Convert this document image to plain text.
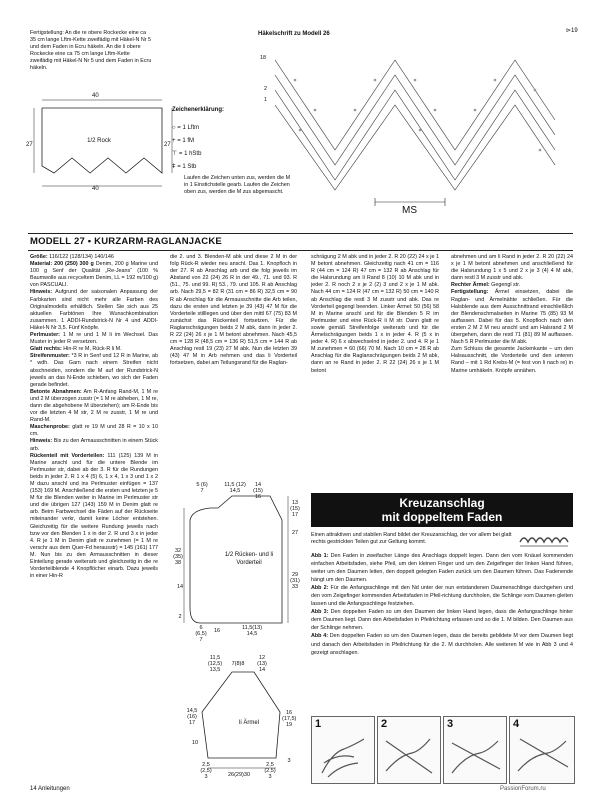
⊳19
Fertigstellung: An die re obere Rockecke eine ca 35 cm lange Lftm-Kette zweifädig mit Häkel-N Nr 5 und dem Faden in Ecru häkeln. An die li obere Rockecke eine ca 75 cm lange Lftm-Kette zweifädig mit Häkel-N Nr 5 und dem Faden in Ecru häkeln.
40
40
27	27
1/2 Rock
Zeichenerklärung:
○ = 1 Lftm
+ = 1 fM
⊤ = 1 hStb
ǂ = 1 Stb
Laufen die Zeichen unten zus, werden die M in 1 Einstichstelle gearb. Laufen die Zeichen oben zus, werden die M zus abgemascht.
Häkelschrift zu Modell 26
18
2
1
MS
MODELL 27 • KURZARM-RAGLANJACKE

Größe: 116/122 (128/134) 140/146

Material: 200 (250) 300 g Denim, 200 g Marine und 100 g Senf der Qualität „Re-Jeans“ (100 % Baumwolle aus recyceltem Denim, LL = 192 m/100 g) von PASCUALI.

Hinweis: Aufgrund der saisonalen Anpassung der Farbkarten sind nicht mehr alle Farben des Originalmodells erhältlich. Stellen Sie sich aus 25 aktuellen Farbtönen Ihre Wunschkombination zusammen. 1 ADDI-Rundstrick-N Nr 4 und ADDI-Häkel-N Nr 3,5. Fünf Knöpfe.

Perlmuster: 1 M re und 1 M li im Wechsel. Das Muster in jeder R versetzen.

Glatt rechts: Hin-R re M, Rück-R li M.

Streifenmuster: *3 R in Senf und 12 R in Marine, ab * wdh. Das Garn nach einem Streifen nicht abschneiden, sondern die M auf der Rundstrick-N jeweils an das N-Ende schieben, wo sich der Faden gerade befindet.

Betonte Abnahmen: Am R-Anfang Rand-M, 1 M re und 2 M überzogen zusstr (= 1 M re abheben, 1 M re, dann die abgehobene M überziehen); am R-Ende bis vor die letzten 4 M str, 2 M re zusstr, 1 M re und Rand-M.

Maschenprobe: glatt re 19 M und 28 R = 10 x 10 cm.

Hinweis: Bis zu den Armausschnitten in einem Stück arb.

Rückenteil mit Vorderteilen: 111 (125) 139 M in Marine anschl und für die untere Blende im Perlmuster str, dabei ab der 3. R für die Rundungen beids in jeder 2. R 1 x 4 (5) 6, 1 x 4, 1 x 3 und 1 x 2 M dazu anschl und ins Perlmuster einfügen = 137 (153) 169 M. Anschließend die ersten und letzten je 5 M für die Blenden weiter in Marine im Perlmuster str und die übrigen 127 (143) 159 M in Denim glatt re arb. Beim Farbwechsel die Fäden auf der Rückseite miteinander verkr, damit keine Löcher entstehen. Gleichzeitig für die weitere Rundung jeweils nach bzw vor den Blenden 1 x in der 2. R und 3 x in jeder 4. R je 1 M in Denim glatt re zunehmen (= 1 M re verschr aus dem Quer-Fd herausstr) = 145 (161) 177 M. Nun bis zu den Armausschnitten in dieser Einteilung gerade weiterarb und gleichzeitig in die re Vorderteilblende 4 Knopflöcher einarb. Dazu jeweils in einer Hin-R

die 2. und 3. Blenden-M abk und diese 2 M in der folg Rück-R wieder neu anschl. Das 1. Knopfloch in der 27. R ab Anschlag arb und die folg jeweils im Abstand von 22 (24) 26 R in der 49., 71. und 93. R (51., 75. und 99. R) 53., 79. und 105. R ab Anschlag arb. Nach 29,5 = 82 R (31 cm = 86 R) 32,5 cm = 90 R ab Anschlag für die Armausschnitte die Arb teilen, dazu die ersten und letzten je 39 (43) 47 M für die Vorderteile stilllegen und über den mittl 67 (75) 83 M zunächst das Rückenteil fortsetzen. Für die Raglanschrägungen beids 2 M abk, dann in jeder 2. R 22 (24) 26 x je 1 M betont abnehmen. Nach 45,5 cm = 128 R (48,5 cm = 136 R) 51,5 cm = 144 R ab Anschlag restl 19 (23) 27 M abk. Nun die letzten 39 (43) 47 M in Arb nehmen und das li Vorderteil fortsetzen, dabei am Teilungsrand für die Raglan-
schrägung 2 M abk und in jeder 2. R 20 (22) 24 x je 1 M betont abnehmen. Gleichzeitig nach 41 cm = 116 R (44 cm = 124 R) 47 cm = 132 R ab Anschlag für die Halsrundung am li Rand 8 (10) 10 M abk und in jeder 2. R noch 2 x je 2 (2) 3 und 2 x je 1 M abk. Nach 44 cm = 124 R (47 cm = 132 R) 50 cm = 140 R ab Anschlag die restl 3 M zusstr und abk. Das re Vorderteil gegengl beenden. Linker Ärmel: 50 (56) 58 M in Marine anschl und für die Blenden 5 R im Perlmuster und eine Rück-R li M str. Dann glatt re sowie gemäß Streifenfolge weiterarb und für die Ärmelschrägungen beids 1 x in jeder 4. R (5 x in jeder 4. R) 6 x abwechselnd in jeder 2. und 4. R je 1 M zunehmen = 60 (66) 70 M. Nach 10 cm = 28 R ab Anschlag für die Raglanschrägungen beids 2 M abk, dann an re Rand in jeder 2. R 22 (24) 26 x je 1 M betont

abnehmen und am li Rand in jeder 2. R 20 (22) 24 x je 1 M betont abnehmen und anschließend für die Halsrundung 1 x 5 und 2 x je 3 (4) 4 M abk, dann restl 3 M zusstr und abk.

Rechter Ärmel: Gegengl str.

Fertigstellung: Ärmel einsetzen, dabei die Raglan- und Ärmelnähte schließen. Für die Halsblende aus dem Ausschnittrand einschließlich der Blendenschmalseiten in Marine 75 (85) 93 M auffassen. Dabei für das 5. Knopfloch nach den ersten 2 M 2 M neu anschl und am Halsrand 2 M übergehen, dann die restl 71 (81) 89 M auffassen. Nach 5 R Perlmuster die M abk.

Zum Schluss die gesamte Jackenkante – um den Halsausschnitt, die Vorderteile und den unteren Rand – mit 1 Rd Krebs-M (= fest von li nach re) in Marine umhäkeln. Knöpfe annähen.

5 (6) 7
11,5 (12) 14,5
14 (15) 16
32 (35) 38
14
2
13 (15) 17
27
29 (31) 33
1/2 Rücken- und li Vorderteil
6 (6,5) 7
16	11,5(13) 14,5
11,5 (12,5) 13,5
7(8)8
12 (13) 14
14,5 (16) 17
10
16 (17,5) 19
3
li Ärmel
2,5 (2,5) 3	26(29)30
2,5 (2,5) 3
Kreuzanschlag
mit doppeltem Faden
Einen attraktiven und stabilen Rand bildet der Kreuzanschlag, der vor allem bei glatt rechts gestrickten Teilen gut zur Geltung kommt.

Abb 1: Den Faden in zweifacher Länge des Anschlags doppelt legen. Dann den vom Knäuel kommenden einfachen Arbeitsfaden, siehe Pfeil, um den kleinen Finger und um den Zeigefinger der linken Hand führen, weiter um den Daumen leiten, den doppelt gelegten Faden zurück um den Daumen führen. Das Fadenende hängt um den Daumen.

Abb 2: Für die Anfangsschlinge mit den Nd unter der nun entstandenen Daumenschlinge durchgehen und den vom Zeigefinger kommenden Arbeitsfaden in Pfeil-richtung durchholen, die Schlinge vom Daumen gleiten lassen und die Anfangsschlinge festziehen.

Abb 3: Den doppelten Faden so um den Daumen der linken Hand legen, dass die Anfangsschlinge hinter dem Daumen liegt. Dann den Arbeitsfaden in Pfeilrichtung erfassen und so die 1. M bilden. Den Daumen aus der Schlinge nehmen.

Abb 4: Den doppelten Faden so um den Daumen legen, dass die bereits gebildete M vor dem Daumen liegt und danach den Arbeitsfaden in Pfeilrichtung für die 2. M durchholen. Alle weiteren M wie in Abb 3 und 4 gezeigt anschlagen.

1	2	3	4
14 Anleitungen	PassionForum.ru
